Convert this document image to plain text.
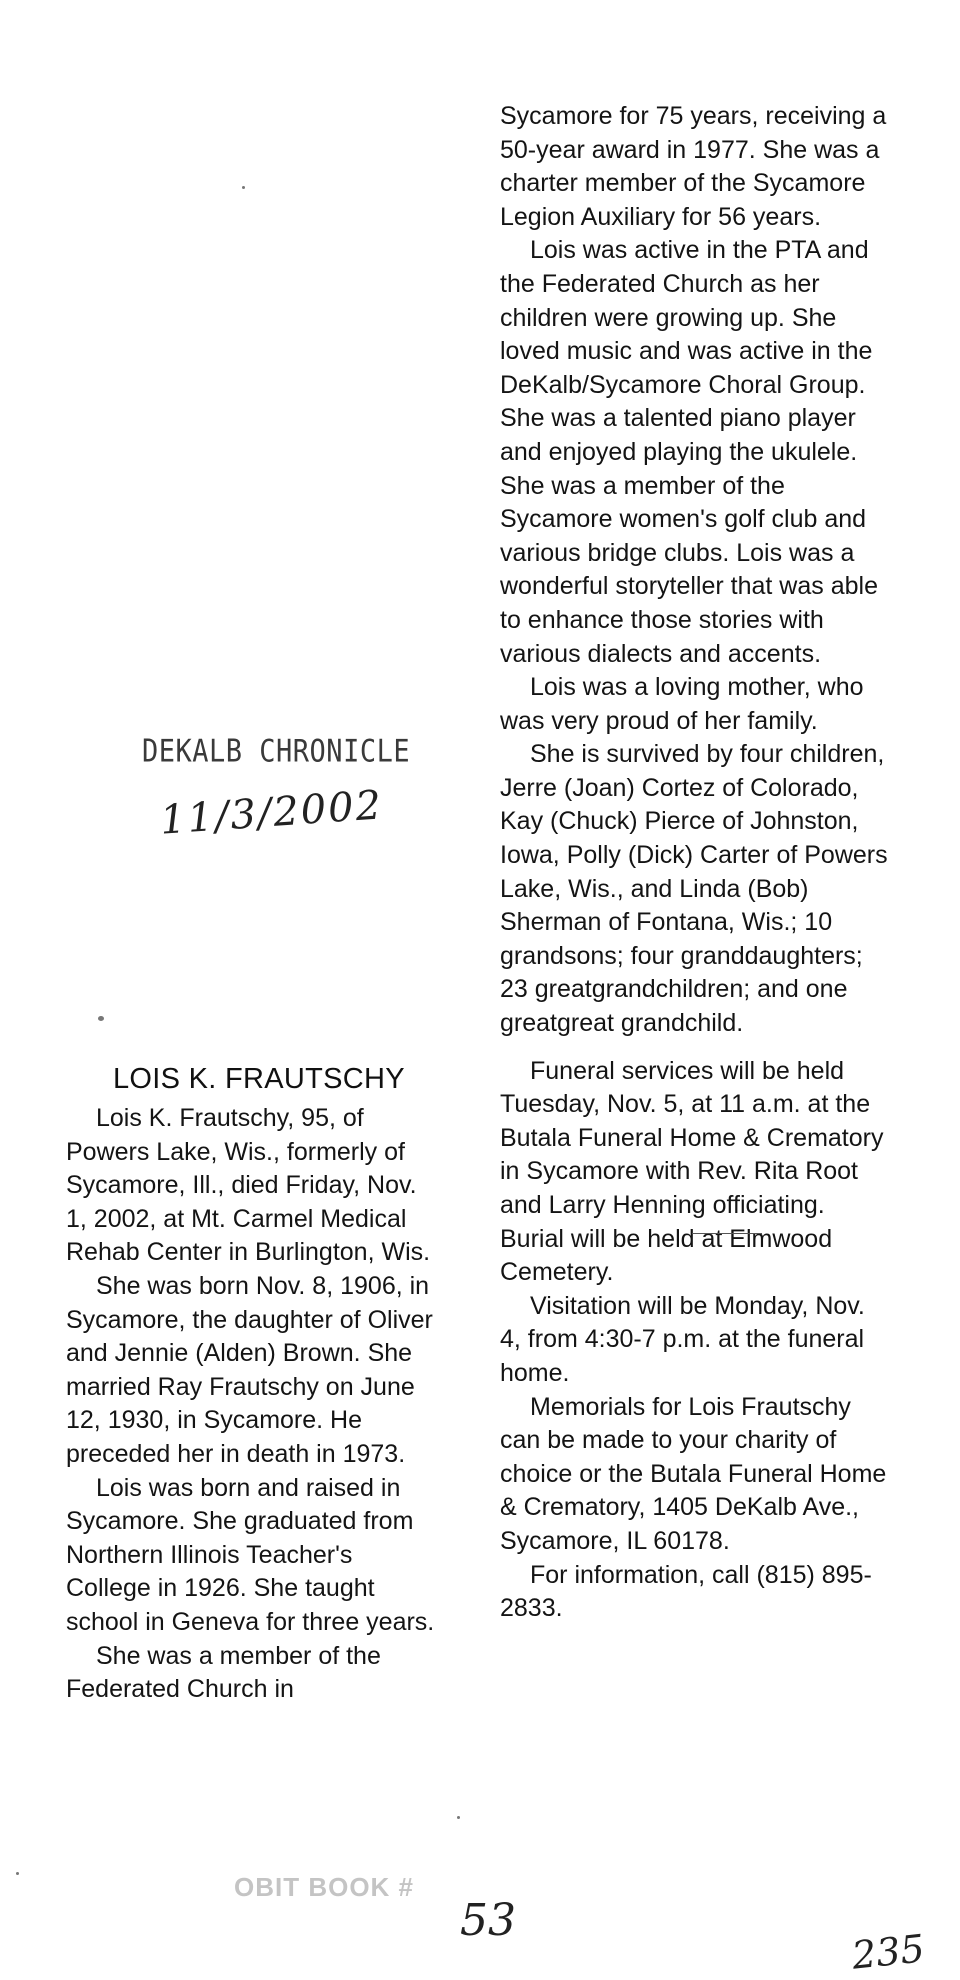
DEKALB CHRONICLE
11/3/2002
LOIS K. FRAUTSCHY

Lois K. Frautschy, 95, of Powers Lake, Wis., formerly of Sycamore, Ill., died Friday, Nov. 1, 2002, at Mt. Carmel Medical Rehab Center in Burlington, Wis.

She was born Nov. 8, 1906, in Sycamore, the daughter of Oliver and Jennie (Alden) Brown. She married Ray Frautschy on June 12, 1930, in Sycamore. He preceded her in death in 1973.

Lois was born and raised in Sycamore. She graduated from Northern Illinois Teacher's College in 1926. She taught school in Geneva for three years.

She was a member of the Federated Church in

Sycamore for 75 years, receiving a 50-year award in 1977. She was a charter member of the Sycamore Legion Auxiliary for 56 years.

Lois was active in the PTA and the Federated Church as her children were growing up. She loved music and was active in the DeKalb/Sycamore Choral Group. She was a talented piano player and enjoyed playing the ukulele. She was a member of the Sycamore women's golf club and various bridge clubs. Lois was a wonderful storyteller that was able to enhance those stories with various dialects and accents.

Lois was a loving mother, who was very proud of her family.

She is survived by four children, Jerre (Joan) Cortez of Colorado, Kay (Chuck) Pierce of Johnston, Iowa, Polly (Dick) Carter of Powers Lake, Wis., and Linda (Bob) Sherman of Fontana, Wis.; 10 grandsons; four granddaughters; 23 greatgrandchildren; and one greatgreat grandchild.

Funeral services will be held Tuesday, Nov. 5, at 11 a.m. at the Butala Funeral Home & Crematory in Sycamore with Rev. Rita Root and Larry Henning officiating. Burial will be held at Elmwood Cemetery.

Visitation will be Monday, Nov. 4, from 4:30-7 p.m. at the funeral home.

Memorials for Lois Frautschy can be made to your charity of choice or the Butala Funeral Home & Crematory, 1405 DeKalb Ave., Sycamore, IL 60178.

For information, call (815) 895-2833.

OBIT BOOK #
53
235
